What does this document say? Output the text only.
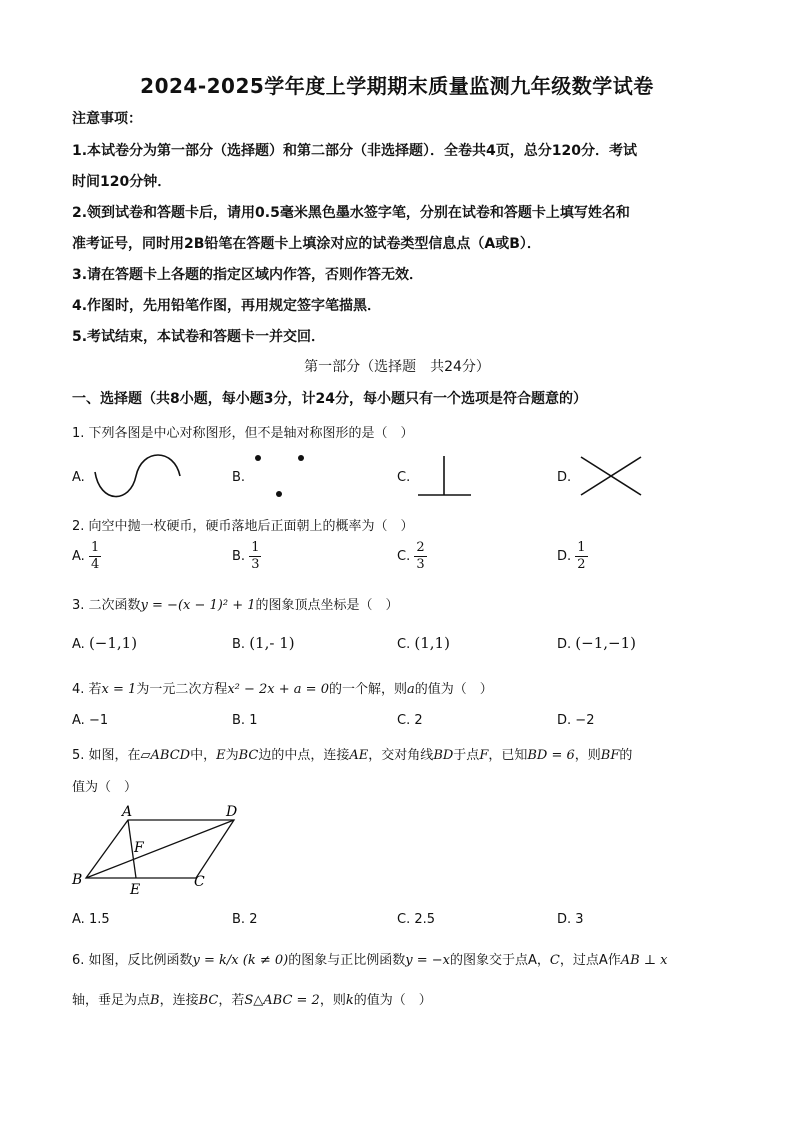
2024-2025学年度上学期期末质量监测九年级数学试卷
注意事项：

1.本试卷分为第一部分（选择题）和第二部分（非选择题）．全卷共4页，总分120分．考试

时间120分钟．

2.领到试卷和答题卡后，请用0.5毫米黑色墨水签字笔，分别在试卷和答题卡上填写姓名和

准考证号，同时用2B铅笔在答题卡上填涂对应的试卷类型信息点（A或B）．

3.请在答题卡上各题的指定区域内作答，否则作答无效．

4.作图时，先用铅笔作图，再用规定签字笔描黑．

5.考试结束，本试卷和答题卡一并交回．

第一部分（选择题　共24分）
一、选择题（共8小题，每小题3分，计24分，每小题只有一个选项是符合题意的）
1. 下列各图是中心对称图形，但不是轴对称图形的是（　）
A.	B.	C.	D.
2. 向空中抛一枚硬币，硬币落地后正面朝上的概率为（　）
A. $\frac{1}{4}$	B. $\frac{1}{3}$	C. $\frac{2}{3}$	D. $\frac{1}{2}$
3. 二次函数y = −(x − 1)² + 1的图象顶点坐标是（　）
A. (−1,1)	B. (1,- 1)	C. (1,1)	D. (−1,−1)
4. 若x = 1为一元二次方程x² − 2x + a = 0的一个解，则a的值为（　）
A. −1	B. 1	C. 2	D. −2
5. 如图，在▱ABCD中，E为BC边的中点，连接AE，交对角线BD于点F，已知BD = 6，则BF的
值为（　）
A	D
F
B
E	C
A. 1.5	B. 2	C. 2.5	D. 3
6. 如图，反比例函数y = k/x (k ≠ 0)的图象与正比例函数y = −x的图象交于点A，C，过点A作AB ⊥ x
轴，垂足为点B，连接BC，若S△ABC = 2，则k的值为（　）
